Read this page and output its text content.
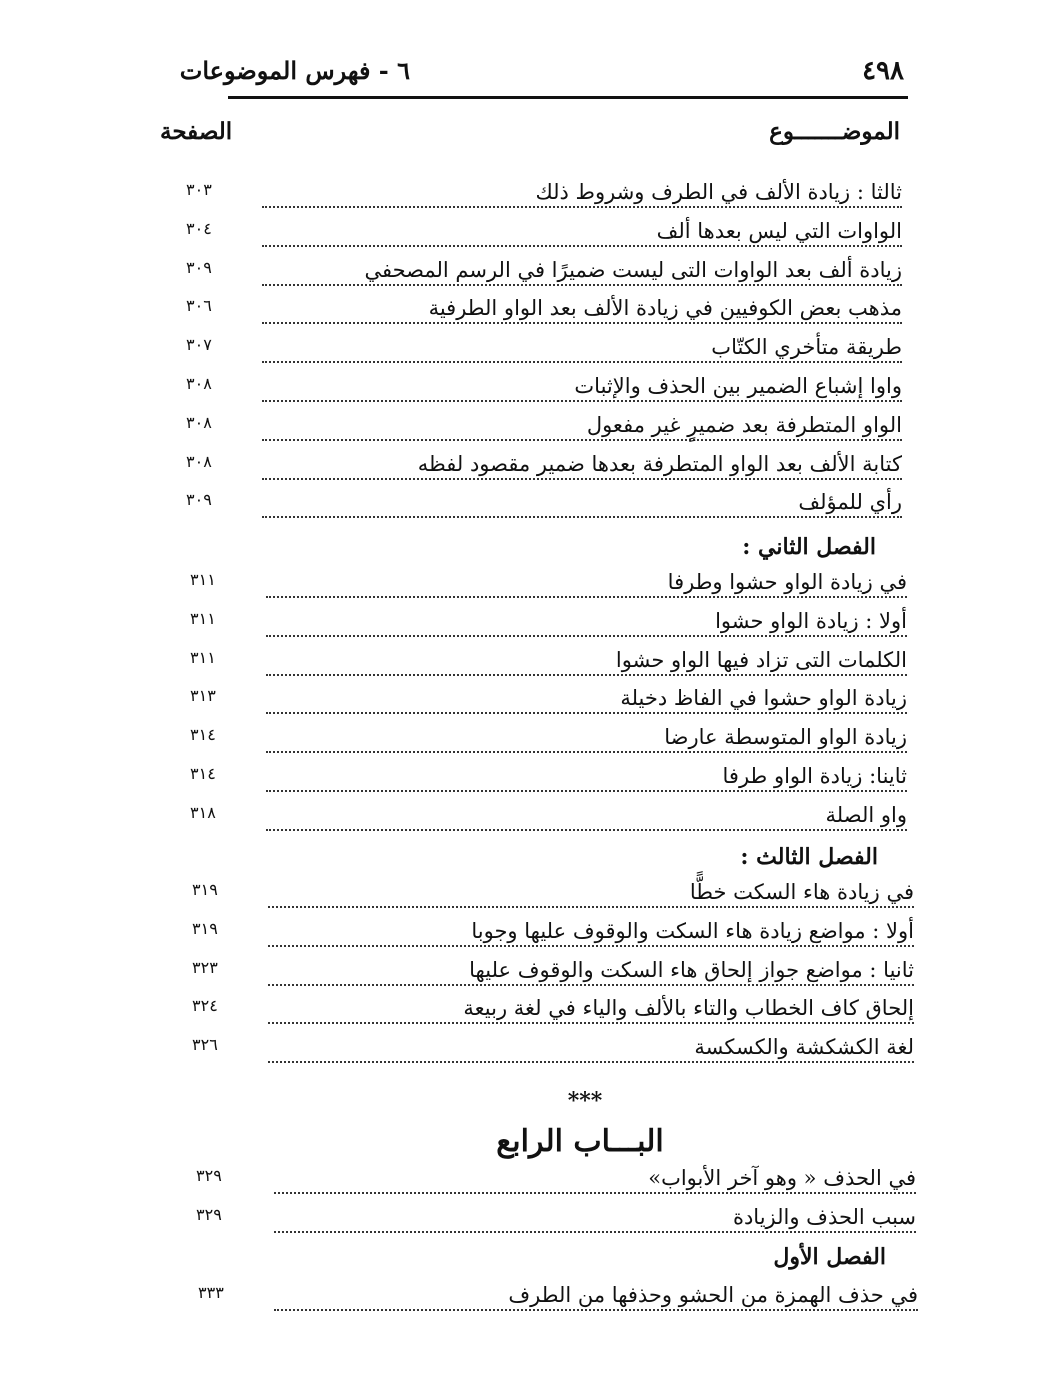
٦ - فهرس الموضوعات	٤٩٨
الموضـــــــوع
الصفحة
ثالثا : زيادة الألف في الطرف وشروط ذلك
٣٠٣
الواوات التي ليس بعدها ألف
٣٠٤
زيادة ألف بعد الواوات التى ليست ضميرًا في الرسم المصحفي
٣٠٩
مذهب بعض الكوفيين في زيادة الألف بعد الواو الطرفية
٣٠٦
طريقة متأخري الكتّاب
٣٠٧
واوا إشباع الضمير بين الحذف والإثبات
٣٠٨
الواو المتطرفة بعد ضميرٍ غير مفعول
٣٠٨
كتابة الألف بعد الواو المتطرفة بعدها ضمير مقصود لفظه
٣٠٨
رأي للمؤلف
٣٠٩
في زيادة الواو حشوا وطرفا
٣١١
أولا : زيادة الواو حشوا
٣١١
الكلمات التى تزاد فيها الواو حشوا
٣١١
زيادة الواو حشوا في الفاظ دخيلة
٣١٣
زيادة الواو المتوسطة عارضا
٣١٤
ثاينا: زيادة الواو طرفا
٣١٤
واو الصلة
٣١٨
في زيادة هاء السكت خطًّا
٣١٩
أولا : مواضع زيادة هاء السكت والوقوف عليها وجوبا
٣١٩
ثانيا : مواضع جواز إلحاق هاء السكت والوقوف عليها
٣٢٣
إلحاق كاف الخطاب والتاء بالألف والياء في لغة ربيعة
٣٢٤
لغة الكشكشة والكسكسة
٣٢٦
في الحذف « وهو آخر الأبواب»
٣٢٩
سبب الحذف والزيادة
٣٢٩
في حذف الهمزة من الحشو وحذفها من الطرف
٣٣٣
الفصل الثاني :
الفصل الثالث :
***
البـــاب الرابع
الفصل الأول
